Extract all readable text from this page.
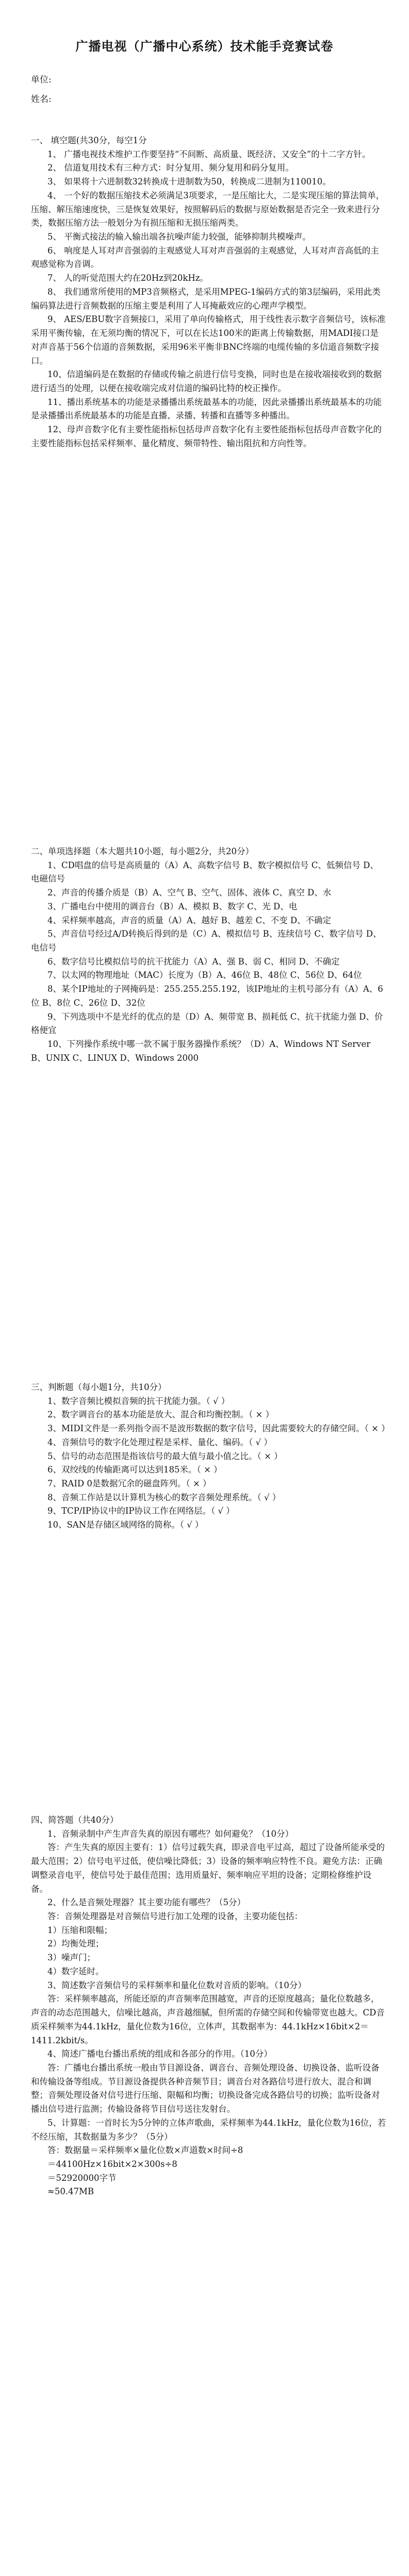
广播电视（广播中心系统）技术能手竞赛试卷
单位:
姓名:

一、 填空题(共30分，每空1分

1、 广播电视技术维护工作要坚持“不间断、高质量、既经济、又安全”的十二字方针。

2、 信道复用技术有三种方式：时分复用、频分复用和码分复用。

3、 如果将十六进制数32转换成十进制数为50，转换成二进制为110010。

4、 一个好的数据压缩技术必须满足3项要求，一是压缩比大，二是实现压缩的算法简单，压缩、解压缩速度快，三是恢复效果好，按照解码后的数据与原始数据是否完全一致来进行分类，数据压缩方法一般划分为有损压缩和无损压缩两类。

5、 平衡式接法的输入输出端各抗噪声能力较强，能够抑制共模噪声。

6、 响度是人耳对声音强弱的主观感觉人耳对声音强弱的主观感觉，人耳对声音高低的主观感觉称为音调。

7、 人的听觉范围大约在20Hz到20kHz。

8、 我们通常所使用的MP3音频格式，是采用MPEG-1编码方式的第3层编码，采用此类编码算法进行音频数据的压缩主要是利用了人耳掩蔽效应的心理声学模型。

9、 AES/EBU数字音频接口，采用了单向传输格式，用于线性表示数字音频信号，该标准采用平衡传输，在无须均衡的情况下，可以在长达100米的距离上传输数据，用MADI接口是对声音基于56个信道的音频数据，采用96米平衡非BNC终端的电缆传输的多信道音频数字接口。

10、信道编码是在数据的存储或传输之前进行信号变换，同时也是在接收端接收到的数据进行适当的处理，以便在接收端完成对信道的编码比特的校正操作。

11、播出系统基本的功能是录播播出系统最基本的功能，因此录播播出系统最基本的功能是录播播出系统最基本的功能是直播、录播、转播和直播等多种播出。

12、母声音数字化有主要性能指标包括母声音数字化有主要性能指标包括母声音数字化的主要性能指标包括采样频率、量化精度、频带特性、输出阻抗和方向性等。

二、单项选择题（本大题共10小题，每小题2分，共20分）

1、CD唱盘的信号是高质量的（A）A、高数字信号 B、数字模拟信号 C、低频信号 D、电磁信号

2、声音的传播介质是（B）A、空气 B、空气、固体、液体 C、真空 D、水

3、广播电台中使用的调音台（B）A、模拟 B、数字 C、光 D、电

4、采样频率越高，声音的质量（A）A、越好 B、越差 C、不变 D、不确定

5、声音信号经过A/D转换后得到的是（C）A、模拟信号 B、连续信号 C、数字信号 D、电信号

6、数字信号比模拟信号的抗干扰能力（A）A、强 B、弱 C、相同 D、不确定

7、以太网的物理地址（MAC）长度为（B）A、46位 B、48位 C、56位 D、64位

8、某个IP地址的子网掩码是：255.255.255.192，该IP地址的主机号部分有（A）A、6位 B、8位 C、26位 D、32位

9、下列选项中不是光纤的优点的是（D）A、频带宽 B、损耗低 C、抗干扰能力强 D、价格便宜

10、下列操作系统中哪一款不属于服务器操作系统？（D）A、Windows NT Server B、UNIX C、LINUX D、Windows 2000

三、判断题（每小题1分，共10分）

1、数字音频比模拟音频的抗干扰能力强。（ √ ）

2、数字调音台的基本功能是放大、混合和均衡控制。（ × ）

3、MIDI文件是一系列指令而不是波形数据的数字信号，因此需要较大的存储空间。（ × ）

4、音频信号的数字化处理过程是采样、量化、编码。（ √ ）

5、信号的动态范围是指该信号的最大值与最小值之比。（ × ）

6、双绞线的传输距离可以达到185米。（ × ）

7、RAID 0是数据冗余的磁盘阵列。（ × ）

8、音频工作站是以计算机为核心的数字音频处理系统。（ √ ）

9、TCP/IP协议中的IP协议工作在网络层。（ √ ）

10、SAN是存储区域网络的简称。（ √ ）

四、简答题（共40分）

1、音频录制中产生声音失真的原因有哪些？如何避免？（10分）

答：产生失真的原因主要有：1）信号过载失真，即录音电平过高，超过了设备所能承受的最大范围；2）信号电平过低，使信噪比降低；3）设备的频率响应特性不良。避免方法：正确调整录音电平，使信号处于最佳范围；选用质量好、频率响应平坦的设备；定期检修维护设备。

2、什么是音频处理器？其主要功能有哪些？（5分）

答：音频处理器是对音频信号进行加工处理的设备，主要功能包括：

1）压缩和限幅；

2）均衡处理；

3）噪声门；

4）数字延时。

3、简述数字音频信号的采样频率和量化位数对音质的影响。（10分）

答：采样频率越高，所能还原的声音频率范围越宽，声音的还原度越高；量化位数越多，声音的动态范围越大，信噪比越高，声音越细腻，但所需的存储空间和传输带宽也越大。CD音质采样频率为44.1kHz，量化位数为16位，立体声，其数据率为：44.1kHz×16bit×2＝1411.2kbit/s。

4、简述广播电台播出系统的组成和各部分的作用。（10分）

答：广播电台播出系统一般由节目源设备、调音台、音频处理设备、切换设备、监听设备和传输设备等组成。节目源设备提供各种音频节目；调音台对各路信号进行放大、混合和调整；音频处理设备对信号进行压缩、限幅和均衡；切换设备完成各路信号的切换；监听设备对播出信号进行监测；传输设备将节目信号送往发射台。

5、计算题：一首时长为5分钟的立体声歌曲，采样频率为44.1kHz，量化位数为16位，若不经压缩，其数据量为多少？（5分）

答：数据量＝采样频率×量化位数×声道数×时间÷8

＝44100Hz×16bit×2×300s÷8

＝52920000字节

≈50.47MB
